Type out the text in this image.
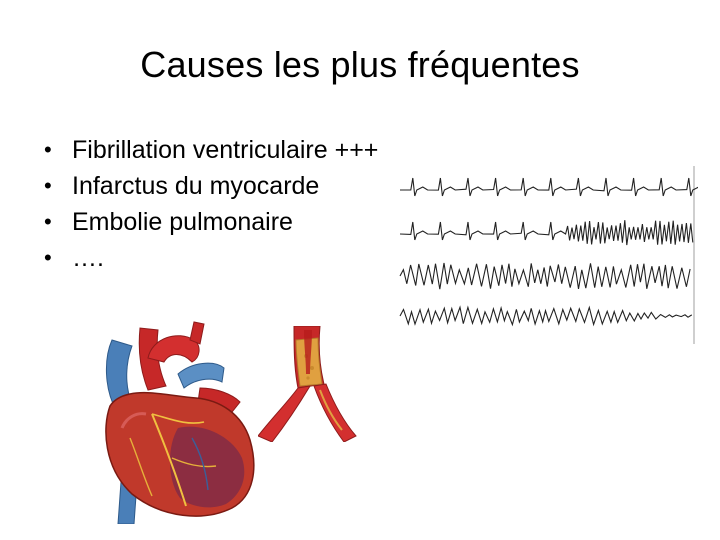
Causes les plus fréquentes
• Fibrillation ventriculaire +++
• Infarctus du myocarde
• Embolie pulmonaire
• ….
